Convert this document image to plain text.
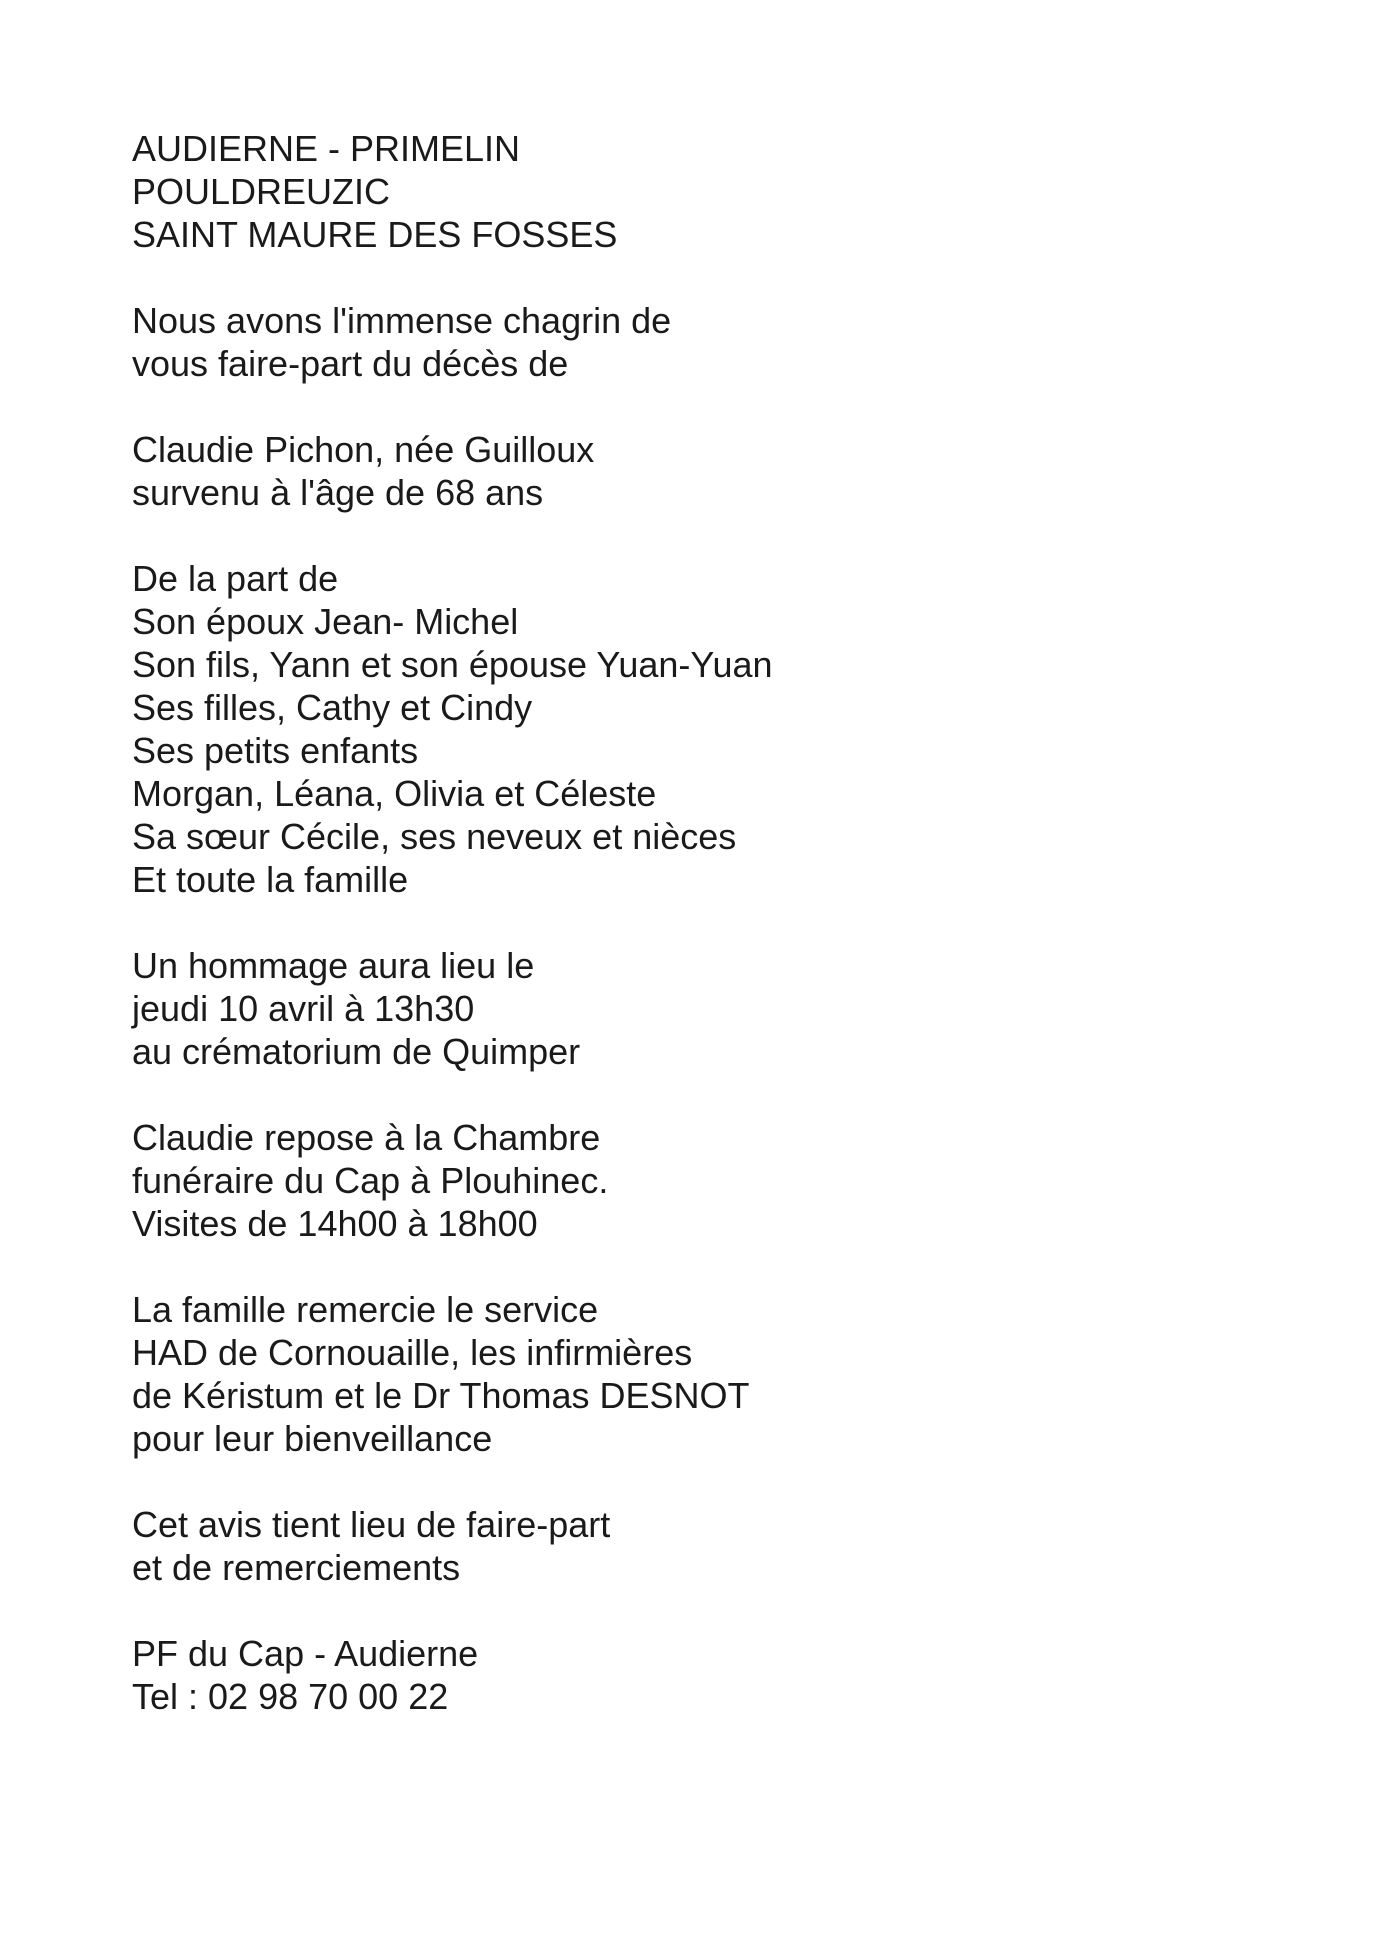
AUDIERNE - PRIMELIN
POULDREUZIC
SAINT MAURE DES FOSSES
Nous avons l'immense chagrin de
vous faire-part du décès de
Claudie Pichon, née Guilloux
survenu à l'âge de 68 ans
De la part de
Son époux Jean- Michel
Son fils, Yann et son épouse Yuan-Yuan
Ses filles, Cathy et Cindy
Ses petits enfants
Morgan, Léana, Olivia et Céleste
Sa sœur Cécile, ses neveux et nièces
Et toute la famille
Un hommage aura lieu le
jeudi 10 avril à 13h30
au crématorium de Quimper
Claudie repose à la Chambre
funéraire du Cap à Plouhinec.
Visites de 14h00 à 18h00
La famille remercie le service
HAD de Cornouaille, les infirmières
de Kéristum et le Dr Thomas DESNOT
pour leur bienveillance
Cet avis tient lieu de faire-part
et de remerciements
PF du Cap - Audierne
Tel : 02 98 70 00 22
